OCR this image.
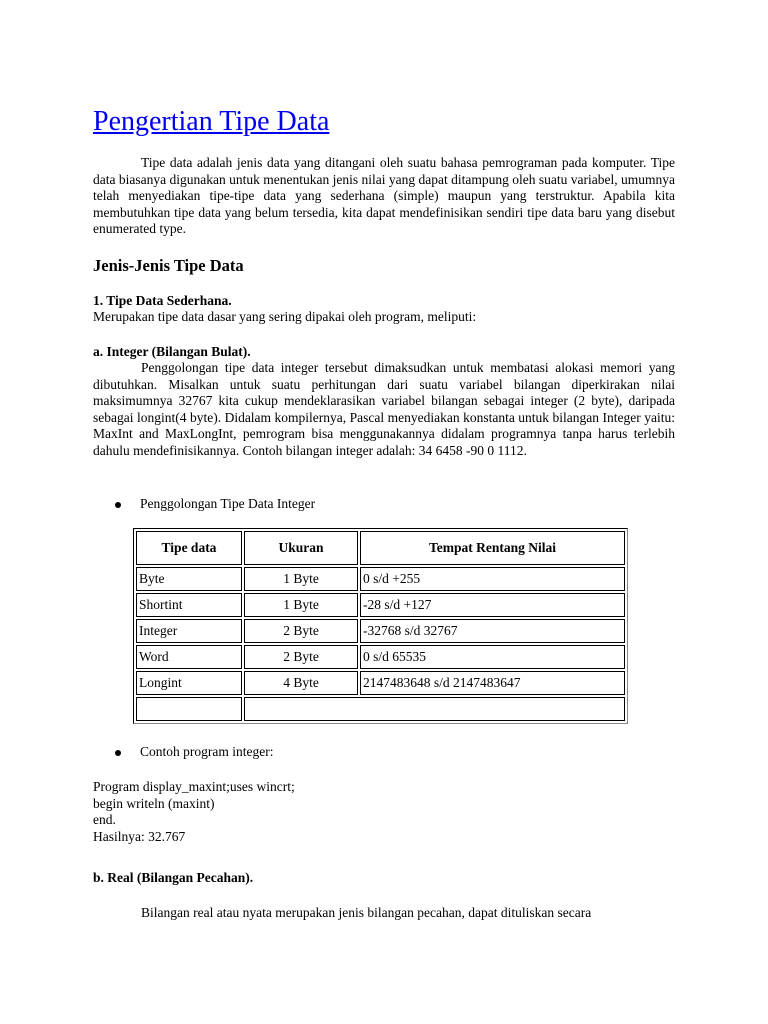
Pengertian Tipe Data

Tipe data adalah jenis data yang ditangani oleh suatu bahasa pemrograman pada komputer. Tipe data biasanya digunakan untuk menentukan jenis nilai yang dapat ditampung oleh suatu variabel, umumnya telah menyediakan tipe-tipe data yang sederhana (simple) maupun yang terstruktur. Apabila kita membutuhkan tipe data yang belum tersedia, kita dapat mendefinisikan sendiri tipe data baru yang disebut enumerated type.

Jenis-Jenis Tipe Data
1. Tipe Data Sederhana.

Merupakan tipe data dasar yang sering dipakai oleh program, meliputi:

a. Integer (Bilangan Bulat).

Penggolongan tipe data integer tersebut dimaksudkan untuk membatasi alokasi memori yang dibutuhkan. Misalkan untuk suatu perhitungan dari suatu variabel bilangan diperkirakan nilai maksimumnya 32767 kita cukup mendeklarasikan variabel bilangan sebagai integer (2 byte), daripada sebagai longint(4 byte). Didalam kompilernya, Pascal menyediakan konstanta untuk bilangan Integer yaitu: MaxInt and MaxLongInt, pemrogram bisa menggunakannya didalam programnya tanpa harus terlebih dahulu mendefinisikannya. Contoh bilangan integer adalah: 34 6458 -90 0 1112.

Penggolongan Tipe Data Integer
Tipe data	Ukuran	Tempat Rentang Nilai
Byte	1 Byte	0 s/d +255
Shortint	1 Byte	-28 s/d +127
Integer	2 Byte	-32768 s/d 32767
Word	2 Byte	0 s/d 65535
Longint	4 Byte	2147483648 s/d 2147483647

Contoh program integer:
Program display_maxint;uses wincrt;
begin writeln (maxint)
end.
Hasilnya: 32.767
b. Real (Bilangan Pecahan).

Bilangan real atau nyata merupakan jenis bilangan pecahan, dapat dituliskan secara
